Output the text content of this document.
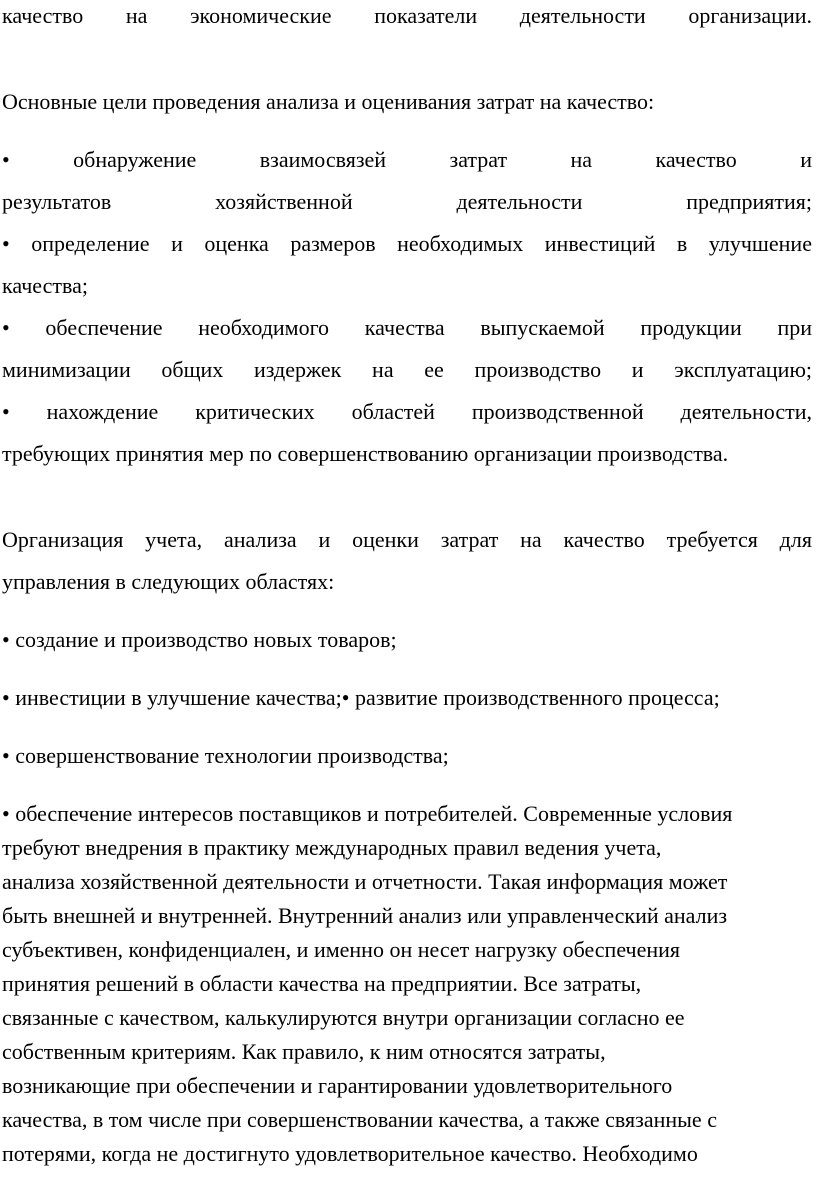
качество на экономические показатели деятельности организации.
Основные цели проведения анализа и оценивания затрат на качество:
•	обнаружение	взаимосвязей	затрат	на	качество	и
результатов	хозяйственной	деятельности	предприятия;
• определение и оценка размеров необходимых инвестиций в улучшение
качества;
• обеспечение необходимого качества выпускаемой продукции при
минимизации общих издержек на ее производство и эксплуатацию;
• нахождение критических областей производственной деятельности,
требующих принятия мер по совершенствованию организации производства.
Организация учета, анализа и оценки затрат на качество требуется для
управления в следующих областях:
• создание и производство новых товаров;
• инвестиции в улучшение качества;• развитие производственного процесса;
• совершенствование технологии производства;
• обеспечение интересов поставщиков и потребителей. Современные условия
требуют внедрения в практику международных правил ведения учета,
анализа хозяйственной деятельности и отчетности. Такая информация может
быть внешней и внутренней. Внутренний анализ или управленческий анализ
субъективен, конфиденциален, и именно он несет нагрузку обеспечения
принятия решений в области качества на предприятии. Все затраты,
связанные с качеством, калькулируются внутри организации согласно ее
собственным критериям. Как правило, к ним относятся затраты,
возникающие при обеспечении и гарантировании удовлетворительного
качества, в том числе при совершенствовании качества, а также связанные с
потерями, когда не достигнуто удовлетворительное качество. Необходимо
